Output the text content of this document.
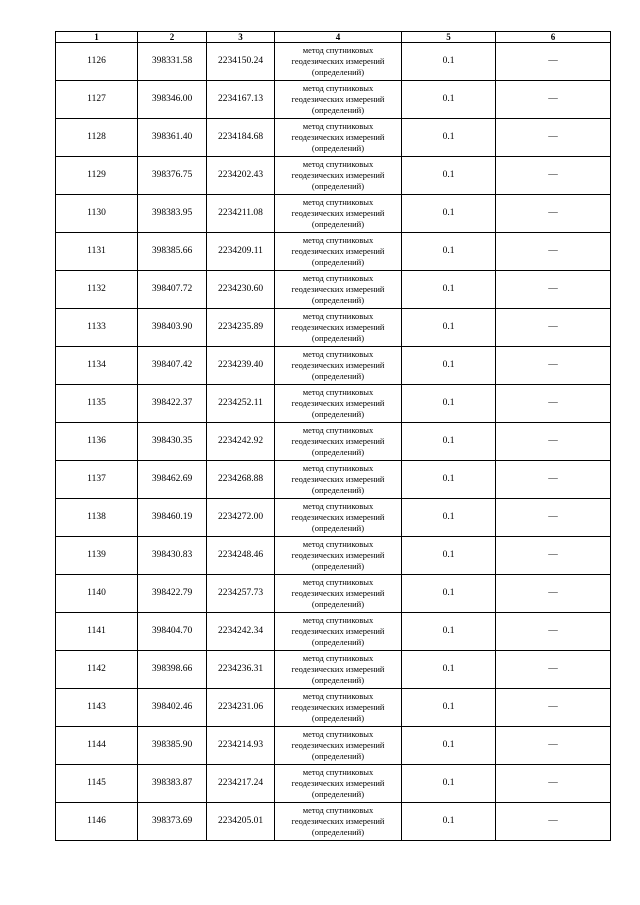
1	2	3	4	5	6
1126	398331.58	2234150.24	метод спутниковых
геодезических измерений
(определений)	0.1	—
1127	398346.00	2234167.13	метод спутниковых
геодезических измерений
(определений)	0.1	—
1128	398361.40	2234184.68	метод спутниковых
геодезических измерений
(определений)	0.1	—
1129	398376.75	2234202.43	метод спутниковых
геодезических измерений
(определений)	0.1	—
1130	398383.95	2234211.08	метод спутниковых
геодезических измерений
(определений)	0.1	—
1131	398385.66	2234209.11	метод спутниковых
геодезических измерений
(определений)	0.1	—
1132	398407.72	2234230.60	метод спутниковых
геодезических измерений
(определений)	0.1	—
1133	398403.90	2234235.89	метод спутниковых
геодезических измерений
(определений)	0.1	—
1134	398407.42	2234239.40	метод спутниковых
геодезических измерений
(определений)	0.1	—
1135	398422.37	2234252.11	метод спутниковых
геодезических измерений
(определений)	0.1	—
1136	398430.35	2234242.92	метод спутниковых
геодезических измерений
(определений)	0.1	—
1137	398462.69	2234268.88	метод спутниковых
геодезических измерений
(определений)	0.1	—
1138	398460.19	2234272.00	метод спутниковых
геодезических измерений
(определений)	0.1	—
1139	398430.83	2234248.46	метод спутниковых
геодезических измерений
(определений)	0.1	—
1140	398422.79	2234257.73	метод спутниковых
геодезических измерений
(определений)	0.1	—
1141	398404.70	2234242.34	метод спутниковых
геодезических измерений
(определений)	0.1	—
1142	398398.66	2234236.31	метод спутниковых
геодезических измерений
(определений)	0.1	—
1143	398402.46	2234231.06	метод спутниковых
геодезических измерений
(определений)	0.1	—
1144	398385.90	2234214.93	метод спутниковых
геодезических измерений
(определений)	0.1	—
1145	398383.87	2234217.24	метод спутниковых
геодезических измерений
(определений)	0.1	—
1146	398373.69	2234205.01	метод спутниковых
геодезических измерений
(определений)	0.1	—
